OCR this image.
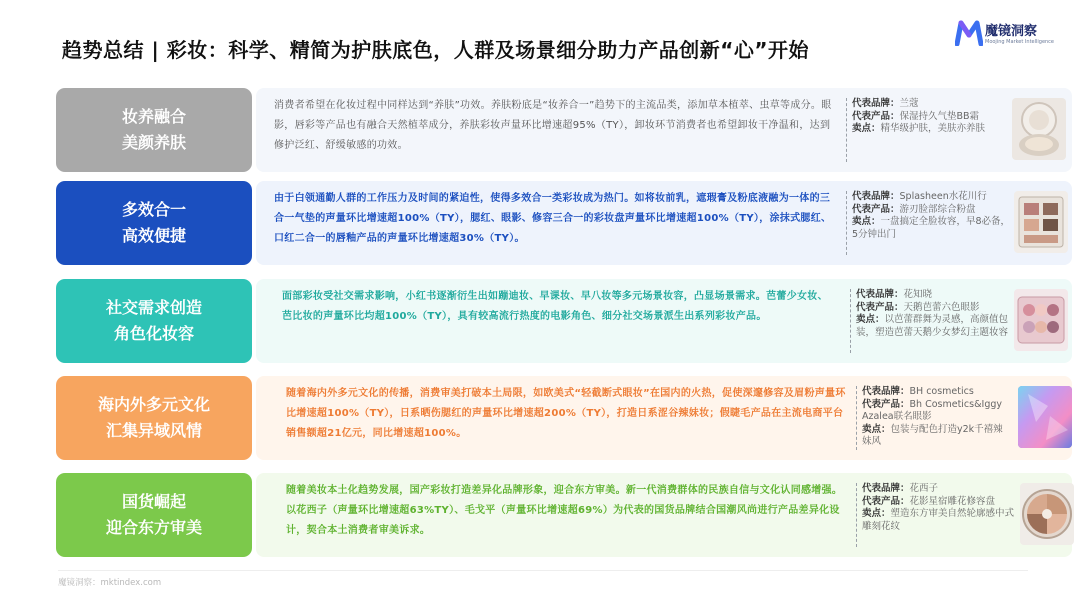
趋势总结 | 彩妆：科学、精简为护肤底色，人群及场景细分助力产品创新“心”开始
魔镜洞察
Moojing Market Intelligence
妆养融合
美颜养肤
消费者希望在化妆过程中同样达到“养肤”功效。养肤粉底是“妆养合一”趋势下的主流品类，添加草本植萃、虫草等成分。眼影，唇彩等产品也有融合天然植萃成分，养肤彩妆声量环比增速超95%（TY），卸妆环节消费者也希望卸妆干净温和，达到修护泛红、舒缓敏感的功效。
代表品牌：兰蔻
代表产品：保湿持久气垫BB霜
卖点：精华级护肤，美肤亦养肤
多效合一
高效便捷
由于白领通勤人群的工作压力及时间的紧迫性，使得多效合一类彩妆成为热门。如将妆前乳，遮瑕膏及粉底液融为一体的三合一气垫的声量环比增速超100%（TY），腮红、眼影、修容三合一的彩妆盘声量环比增速超100%（TY），涂抹式腮红、口红二合一的唇釉产品的声量环比增速超30%（TY）。
代表品牌：Splasheen水花川行
代表产品：游刃脸部综合粉盘
卖点：一盘搞定全脸妆容，早8必备，5分钟出门
社交需求创造
角色化妆容
面部彩妆受社交需求影响，小红书逐渐衍生出如蹦迪妆、早课妆、早八妆等多元场景妆容，凸显场景需求。芭蕾少女妆、芭比妆的声量环比均超100%（TY），具有较高流行热度的电影角色、细分社交场景派生出系列彩妆产品。
代表品牌：花知晓
代表产品：天鹅芭蕾六色眼影
卖点：以芭蕾群舞为灵感，高颜值包装，塑造芭蕾天鹅少女梦幻主题妆容
海内外多元文化
汇集异域风情
随着海内外多元文化的传播，消费审美打破本土局限，如欧美式“轻截断式眼妆”在国内的火热，促使深邃修容及眉粉声量环比增速超100%（TY），日系晒伤腮红的声量环比增速超200%（TY），打造日系涩谷辣妹妆；假睫毛产品在主流电商平台销售额超21亿元，同比增速超100%。
代表品牌：BH cosmetics
代表产品：Bh Cosmetics&Iggy Azalea联名眼影
卖点：包装与配色打造y2k千禧辣妹风
国货崛起
迎合东方审美
随着美妆本土化趋势发展，国产彩妆打造差异化品牌形象，迎合东方审美。新一代消费群体的民族自信与文化认同感增强。以花西子（声量环比增速超63%TY）、毛戈平（声量环比增速超69%）为代表的国货品牌结合国潮风尚进行产品差异化设计，契合本土消费者审美诉求。
代表品牌：花西子
代表产品：花影星宿雕花修容盘
卖点：塑造东方审美自然轮廓感中式雕刻花纹
魔镜洞察：mktindex.com
